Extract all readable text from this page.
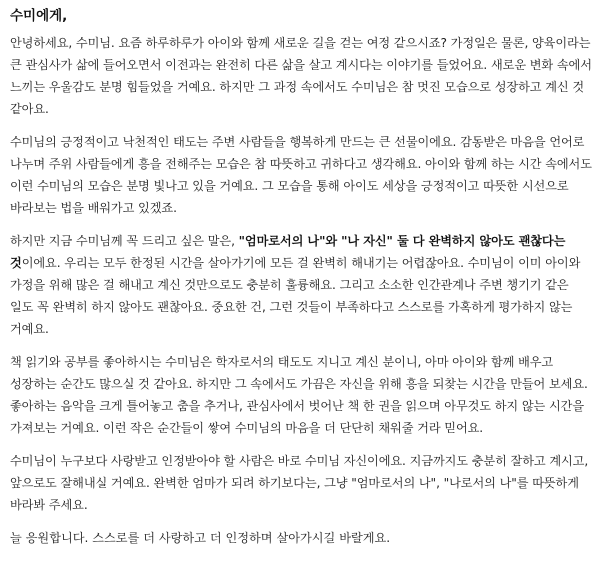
수미에게,

안녕하세요, 수미님. 요즘 하루하루가 아이와 함께 새로운 길을 걷는 여정 같으시죠? 가정일은 물론, 양육이라는 큰 관심사가 삶에 들어오면서 이전과는 완전히 다른 삶을 살고 계시다는 이야기를 들었어요. 새로운 변화 속에서 느끼는 우울감도 분명 힘들었을 거예요. 하지만 그 과정 속에서도 수미님은 참 멋진 모습으로 성장하고 계신 것 같아요.

수미님의 긍정적이고 낙천적인 태도는 주변 사람들을 행복하게 만드는 큰 선물이에요. 감동받은 마음을 언어로 나누며 주위 사람들에게 흥을 전해주는 모습은 참 따뜻하고 귀하다고 생각해요. 아이와 함께 하는 시간 속에서도 이런 수미님의 모습은 분명 빛나고 있을 거예요. 그 모습을 통해 아이도 세상을 긍정적이고 따뜻한 시선으로 바라보는 법을 배워가고 있겠죠.

하지만 지금 수미님께 꼭 드리고 싶은 말은, "엄마로서의 나"와 "나 자신" 둘 다 완벽하지 않아도 괜찮다는 것이에요. 우리는 모두 한정된 시간을 살아가기에 모든 걸 완벽히 해내기는 어렵잖아요. 수미님이 이미 아이와 가정을 위해 많은 걸 해내고 계신 것만으로도 충분히 훌륭해요. 그리고 소소한 인간관계나 주변 챙기기 같은 일도 꼭 완벽히 하지 않아도 괜찮아요. 중요한 건, 그런 것들이 부족하다고 스스로를 가혹하게 평가하지 않는 거예요.

책 읽기와 공부를 좋아하시는 수미님은 학자로서의 태도도 지니고 계신 분이니, 아마 아이와 함께 배우고 성장하는 순간도 많으실 것 같아요. 하지만 그 속에서도 가끔은 자신을 위해 흥을 되찾는 시간을 만들어 보세요. 좋아하는 음악을 크게 틀어놓고 춤을 추거나, 관심사에서 벗어난 책 한 권을 읽으며 아무것도 하지 않는 시간을 가져보는 거예요. 이런 작은 순간들이 쌓여 수미님의 마음을 더 단단히 채워줄 거라 믿어요.

수미님이 누구보다 사랑받고 인정받아야 할 사람은 바로 수미님 자신이에요. 지금까지도 충분히 잘하고 계시고, 앞으로도 잘해내실 거예요. 완벽한 엄마가 되려 하기보다는, 그냥 "엄마로서의 나", "나로서의 나"를 따뜻하게 바라봐 주세요.

늘 응원합니다. 스스로를 더 사랑하고 더 인정하며 살아가시길 바랄게요.
